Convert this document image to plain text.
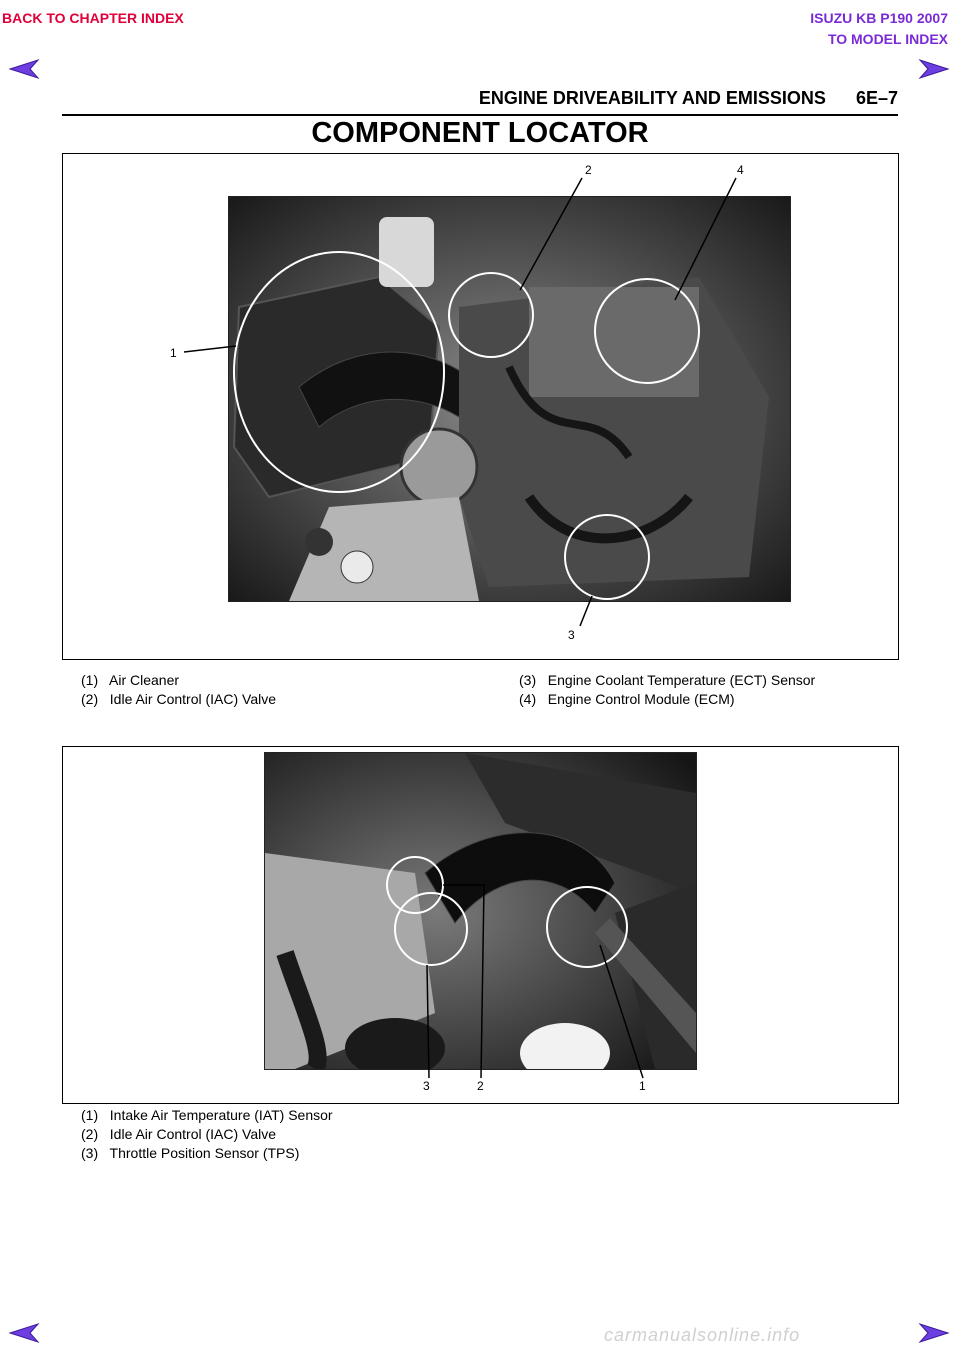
BACK TO CHAPTER INDEX	ISUZU KB P190 2007
TO MODEL INDEX
ENGINE DRIVEABILITY AND EMISSIONS 6E–7
COMPONENT LOCATOR
1
2
3
4
(1)   Air Cleaner
(2)   Idle Air Control (IAC) Valve
(3)   Engine Coolant Temperature (ECT) Sensor
(4)   Engine Control Module (ECM)
3	2	1
(1)   Intake Air Temperature (IAT) Sensor
(2)   Idle Air Control (IAC) Valve
(3)   Throttle Position Sensor (TPS)
carmanualsonline.info
